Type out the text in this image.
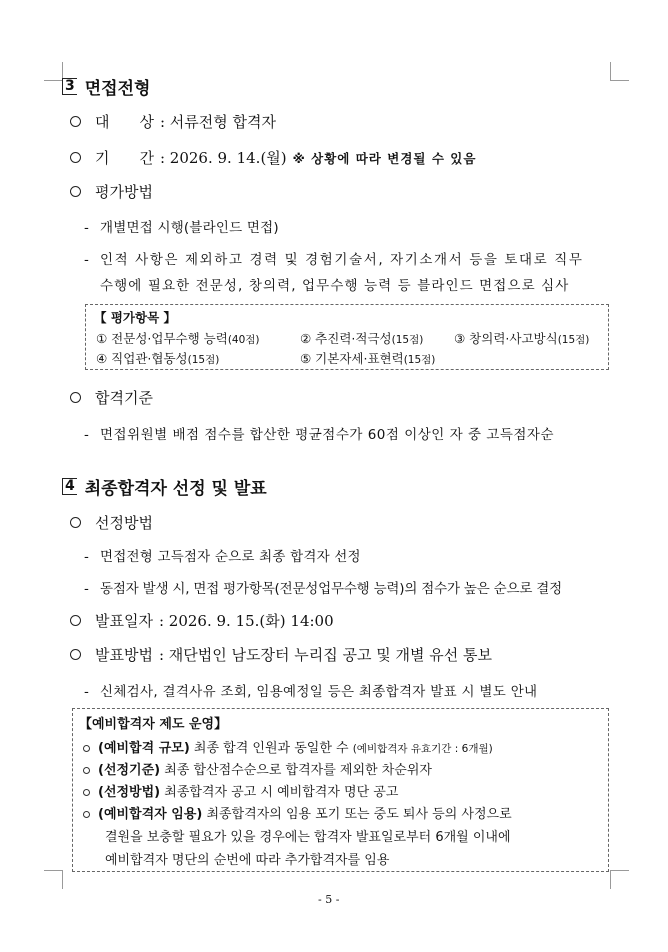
3 면접전형
대　　상 : 서류전형 합격자
기　　간 : 2026. 9. 14.(월) ※ 상황에 따라 변경될 수 있음
평가방법
- 개별면접 시행(블라인드 면접)
- 인적 사항은 제외하고 경력 및 경험기술서, 자기소개서 등을 토대로 직무
수행에 필요한 전문성, 창의력, 업무수행 능력 등 블라인드 면접으로 심사
【 평가항목 】
① 전문성·업무수행 능력(40점)	② 추진력·적극성(15점) ③ 창의력·사고방식(15점)
④ 직업관·협동성(15점)	⑤ 기본자세·표현력(15점)
합격기준
- 면접위원별 배점 점수를 합산한 평균점수가 60점 이상인 자 중 고득점자순
4 최종합격자 선정 및 발표
선정방법
- 면접전형 고득점자 순으로 최종 합격자 선정
- 동점자 발생 시, 면접 평가항목(전문성업무수행 능력)의 점수가 높은 순으로 결정
발표일자 : 2026. 9. 15.(화) 14:00
발표방법 : 재단법인 남도장터 누리집 공고 및 개별 유선 통보
- 신체검사, 결격사유 조회, 임용예정일 등은 최종합격자 발표 시 별도 안내
【예비합격자 제도 운영】
(예비합격 규모) 최종 합격 인원과 동일한 수 (예비합격자 유효기간 : 6개월)
(선정기준) 최종 합산점수순으로 합격자를 제외한 차순위자
(선정방법) 최종합격자 공고 시 예비합격자 명단 공고
(예비합격자 임용) 최종합격자의 임용 포기 또는 중도 퇴사 등의 사정으로
결원을 보충할 필요가 있을 경우에는 합격자 발표일로부터 6개월 이내에
예비합격자 명단의 순번에 따라 추가합격자를 임용
- 5 -
